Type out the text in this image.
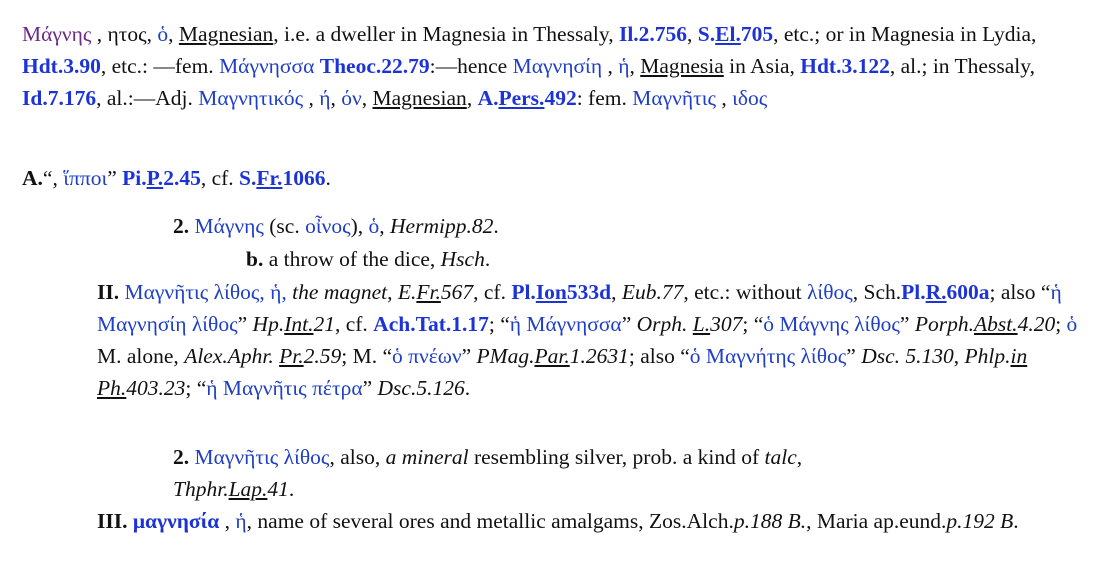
Μάγνης , ητος, ὁ, Magnesian, i.e. a dweller in Magnesia in Thessaly, Il.2.756, S.El.705, etc.; or in Magnesia in Lydia, Hdt.3.90, etc.: —fem. Μάγνησσα Theoc.22.79:—hence Μαγνησίη , ἡ, Magnesia in Asia, Hdt.3.122, al.; in Thessaly, Id.7.176, al.:—Adj. Μαγνητικός , ή, όν, Magnesian, A.Pers.492: fem. Μαγνῆτις , ιδος

A.“, ἵπποι” Pi.P.2.45, cf. S.Fr.1066.

2. Μάγνης (sc. οἶνος), ὁ, Hermipp.82.

b. a throw of the dice, Hsch.

II. Μαγνῆτις λίθος, ἡ, the magnet, E.Fr.567, cf. Pl.Ion533d, Eub.77, etc.: without λίθος, Sch.Pl.R.600a; also “ἡ Μαγνησίη λίθος” Hp.Int.21, cf. Ach.Tat.1.17; “ἡ Μάγνησσα” Orph. L.307; “ὁ Μάγνης λίθος” Porph.Abst.4.20; ὁ M. alone, Alex.Aphr. Pr.2.59; M. “ὁ πνέων” PMag.Par.1.2631; also “ὁ Μαγνήτης λίθος” Dsc. 5.130, Phlp.in Ph.403.23; “ἡ Μαγνῆτις πέτρα” Dsc.5.126.

2. Μαγνῆτις λίθος, also, a mineral resembling silver, prob. a kind of talc,
Thphr.Lap.41.

III. μαγνησία , ἡ, name of several ores and metallic amalgams, Zos.Alch.p.188 B., Maria ap.eund.p.192 B.
